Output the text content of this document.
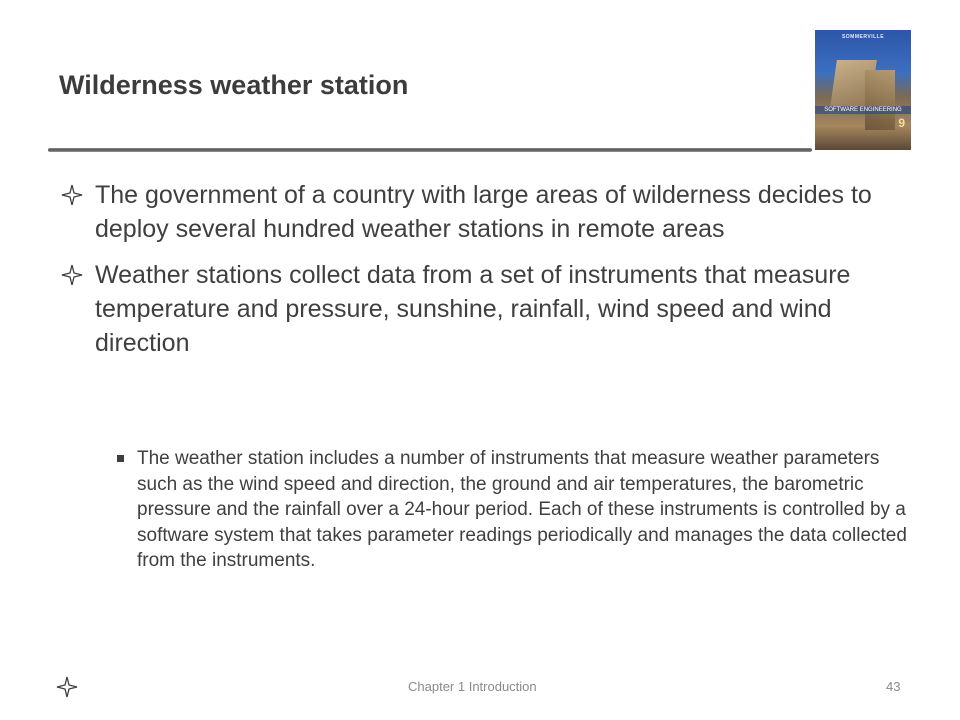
Wilderness weather station
SOMMERVILLE
SOFTWARE ENGINEERING
9
The government of a country with large areas of wilderness decides to deploy several hundred weather stations in remote areas
Weather stations collect data from a set of instruments that measure temperature and pressure, sunshine, rainfall, wind speed and wind direction
The weather station includes a number of instruments that measure weather parameters such as the wind speed and direction, the ground and air temperatures, the barometric pressure and the rainfall over a 24-hour period. Each of these instruments is controlled by a software system that takes parameter readings periodically and manages the data collected from the instruments.
Chapter 1 Introduction	43
